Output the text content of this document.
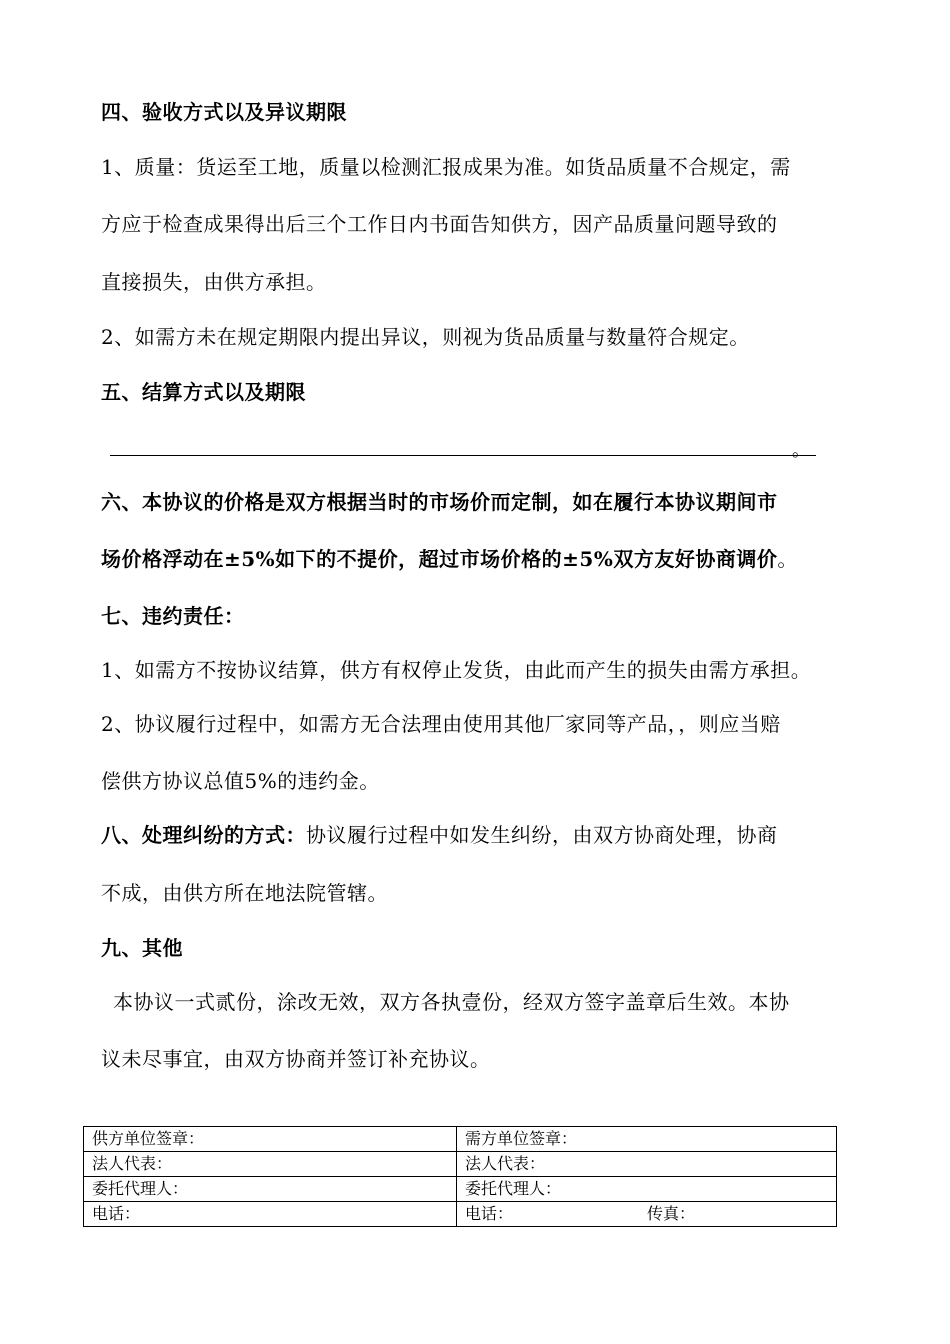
四、验收方式以及异议期限
1、质量：货运至工地，质量以检测汇报成果为准。如货品质量不合规定，需
方应于检查成果得出后三个工作日内书面告知供方，因产品质量问题导致的
直接损失，由供方承担。
2、如需方未在规定期限内提出异议，则视为货品质量与数量符合规定。
五、结算方式以及期限
。
六、本协议的价格是双方根据当时的市场价而定制，如在履行本协议期间市
场价格浮动在±5%如下的不提价，超过市场价格的±5%双方友好协商调价。
七、违约责任：
1、如需方不按协议结算，供方有权停止发货，由此而产生的损失由需方承担。
2、协议履行过程中，如需方无合法理由使用其他厂家同等产品，，则应当赔
偿供方协议总值5%的违约金。
八、处理纠纷的方式：协议履行过程中如发生纠纷，由双方协商处理，协商
不成，由供方所在地法院管辖。
九、其他
本协议一式贰份，涂改无效，双方各执壹份，经双方签字盖章后生效。本协
议未尽事宜，由双方协商并签订补充协议。
供方单位签章：	需方单位签章：
法人代表：	法人代表：
委托代理人：	委托代理人：
电话：	电话： 传真：
